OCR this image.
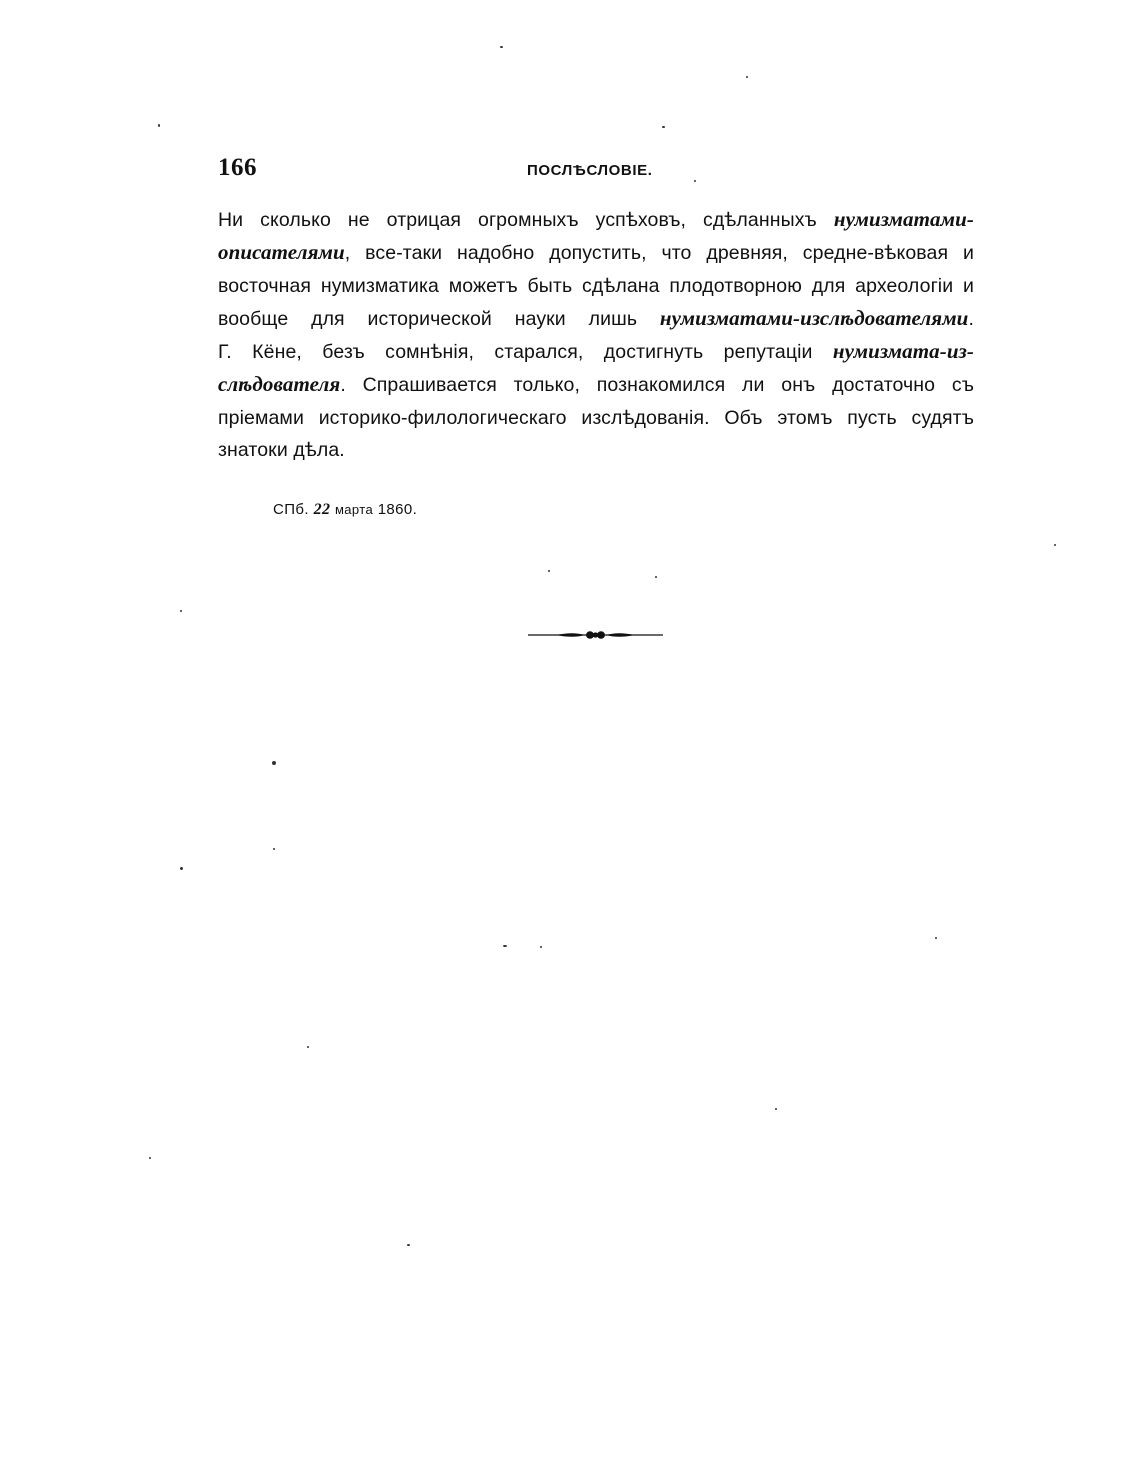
166	ПОСЛѢСЛОВІЕ.
Ни сколько не отрицая огромныхъ успѣховъ, сдѣланныхъ нумизматами-
описателями, все-таки надобно допустить, что древняя, средне-вѣковая и
восточная нумизматика можетъ быть сдѣлана плодотворною для археологіи и
вообще для исторической науки лишь нумизматами-изслѣдователями.
Г. Кёне, безъ сомнѣнія, старался, достигнуть репутаціи нумизмата-из-
слѣдователя. Спрашивается только, познакомился ли онъ достаточно съ
пріемами историко-филологическаго изслѣдованія. Объ этомъ пусть судятъ
знатоки дѣла.
СПб. 22 марта 1860.
